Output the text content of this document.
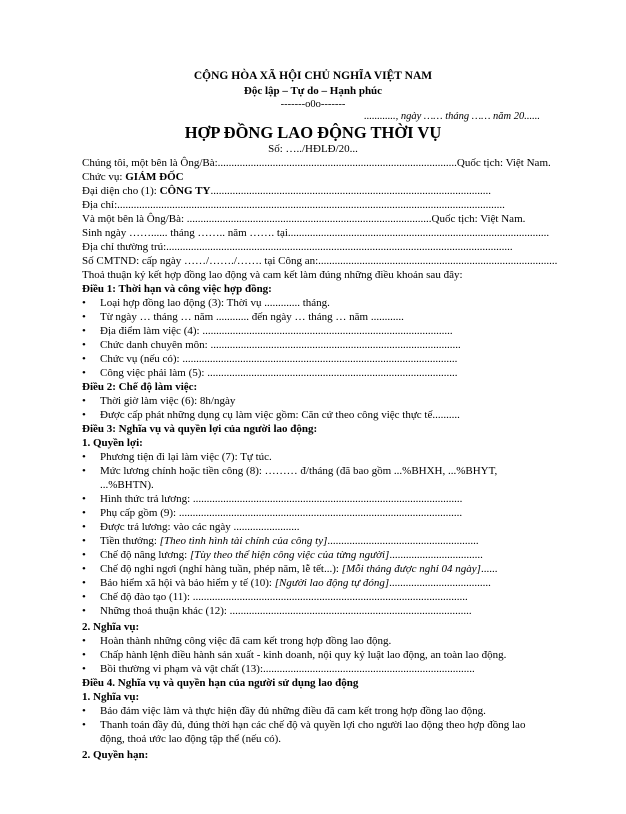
CỘNG HÒA XÃ HỘI CHỦ NGHĨA VIỆT NAM
Độc lập – Tự do – Hạnh phúc
-------o0o-------
............, ngày …… tháng …… năm 20......
HỢP ĐỒNG LAO ĐỘNG THỜI VỤ
Số: …../HĐLĐ/20...
Chúng tôi, một bên là Ông/Bà:.......................................................................................Quốc tịch: Việt Nam.
Chức vụ: GIÁM ĐỐC
Đại diện cho (1): CÔNG TY......................................................................................................
Địa chỉ:.............................................................................................................................................
Và một bên là Ông/Bà: .........................................................................................Quốc tịch: Việt Nam.
Sinh ngày ……...... tháng …….. năm ……. tại...............................................................................................
Địa chỉ thường trú:..............................................................................................................................
Số CMTND: cấp ngày ……/……./……. tại Công an:.......................................................................................
Thoả thuận ký kết hợp đồng lao động và cam kết làm đúng những điều khoản sau đây:
Điều 1: Thời hạn và công việc hợp đồng:
• Loại hợp đồng lao động (3): Thời vụ ............. tháng.
• Từ ngày … tháng … năm ............ đến ngày … tháng … năm ............
• Địa điểm làm việc (4): ...........................................................................................
• Chức danh chuyên môn: ...........................................................................................
• Chức vụ (nếu có): ....................................................................................................
• Công việc phải làm (5): ...........................................................................................
Điều 2: Chế độ làm việc:
• Thời giờ làm việc (6): 8h/ngày
• Được cấp phát những dụng cụ làm việc gồm: Căn cứ theo công việc thực tế..........
Điều 3: Nghĩa vụ và quyền lợi của người lao động:
1. Quyền lợi:
• Phương tiện đi lại làm việc (7): Tự túc.
• Mức lương chính hoặc tiền công (8): ……… đ/tháng (đã bao gồm ...%BHXH, ...%BHYT,
...%BHTN).
• Hình thức trả lương: ..................................................................................................
• Phụ cấp gồm (9): .......................................................................................................
• Được trả lương: vào các ngày ........................
• Tiền thưởng: [Theo tình hình tài chính của công ty].......................................................
• Chế độ nâng lương: [Tùy theo thể hiện công việc của từng người]..................................
• Chế độ nghỉ ngơi (nghỉ hàng tuần, phép năm, lễ tết...): [Mỗi tháng được nghỉ 04 ngày]......
• Bảo hiểm xã hội và bảo hiểm y tế (10): [Người lao động tự đóng].....................................
• Chế độ đào tạo (11): ....................................................................................................
• Những thoả thuận khác (12): ........................................................................................
2. Nghĩa vụ:
• Hoàn thành những công việc đã cam kết trong hợp đồng lao động.
• Chấp hành lệnh điều hành sản xuất - kinh doanh, nội quy kỷ luật lao động, an toàn lao động.
• Bồi thường vi phạm và vật chất (13):.............................................................................
Điều 4. Nghĩa vụ và quyền hạn của người sử dụng lao động
1. Nghĩa vụ:
• Bảo đảm việc làm và thực hiện đầy đủ những điều đã cam kết trong hợp đồng lao động.
• Thanh toán đầy đủ, đúng thời hạn các chế độ và quyền lợi cho người lao động theo hợp đồng lao
động, thoả ước lao động tập thể (nếu có).
2. Quyền hạn:
